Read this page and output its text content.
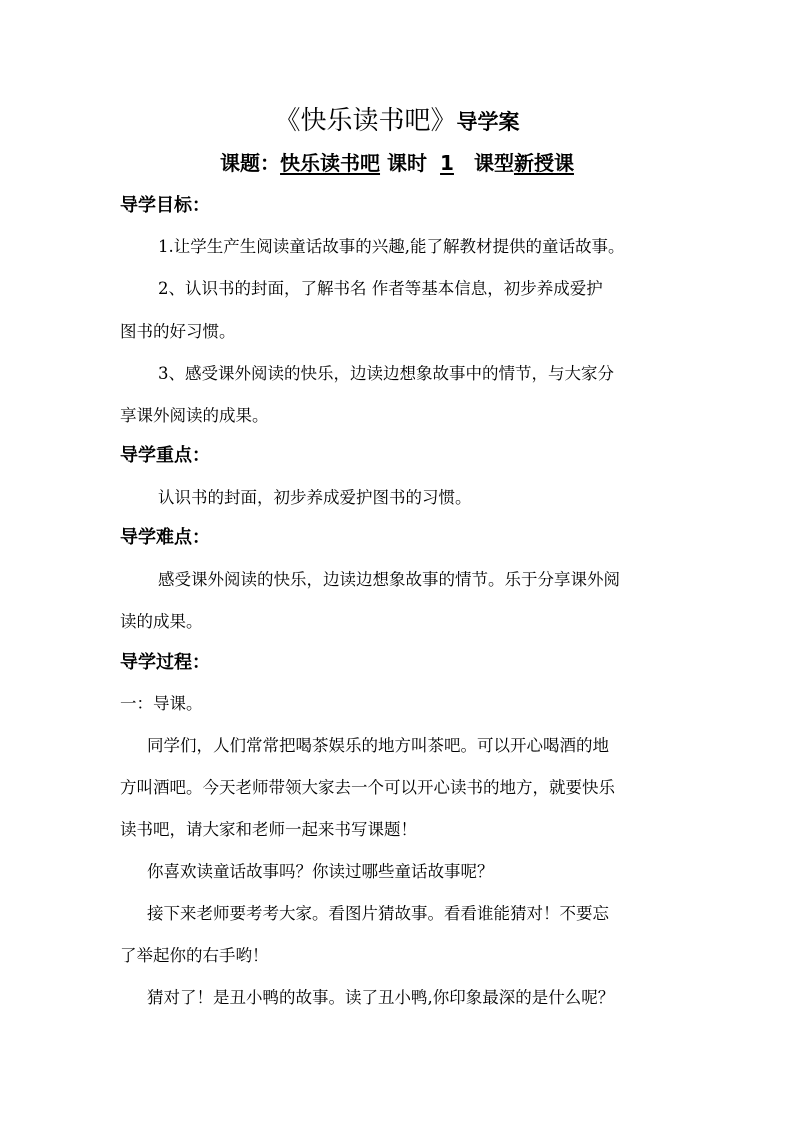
《快乐读书吧》导学案
课题：快乐读书吧 课时 1 课型新授课
导学目标：
1.让学生产生阅读童话故事的兴趣,能了解教材提供的童话故事。
2、认识书的封面，了解书名 作者等基本信息，初步养成爱护
图书的好习惯。
3、感受课外阅读的快乐，边读边想象故事中的情节，与大家分
享课外阅读的成果。
导学重点：
认识书的封面，初步养成爱护图书的习惯。
导学难点：
感受课外阅读的快乐，边读边想象故事的情节。乐于分享课外阅
读的成果。
导学过程：
一：导课。
同学们，人们常常把喝茶娱乐的地方叫茶吧。可以开心喝酒的地
方叫酒吧。今天老师带领大家去一个可以开心读书的地方，就要快乐
读书吧，请大家和老师一起来书写课题！
你喜欢读童话故事吗？你读过哪些童话故事呢？
接下来老师要考考大家。看图片猜故事。看看谁能猜对！不要忘
了举起你的右手哟！
猜对了！是丑小鸭的故事。读了丑小鸭,你印象最深的是什么呢？
